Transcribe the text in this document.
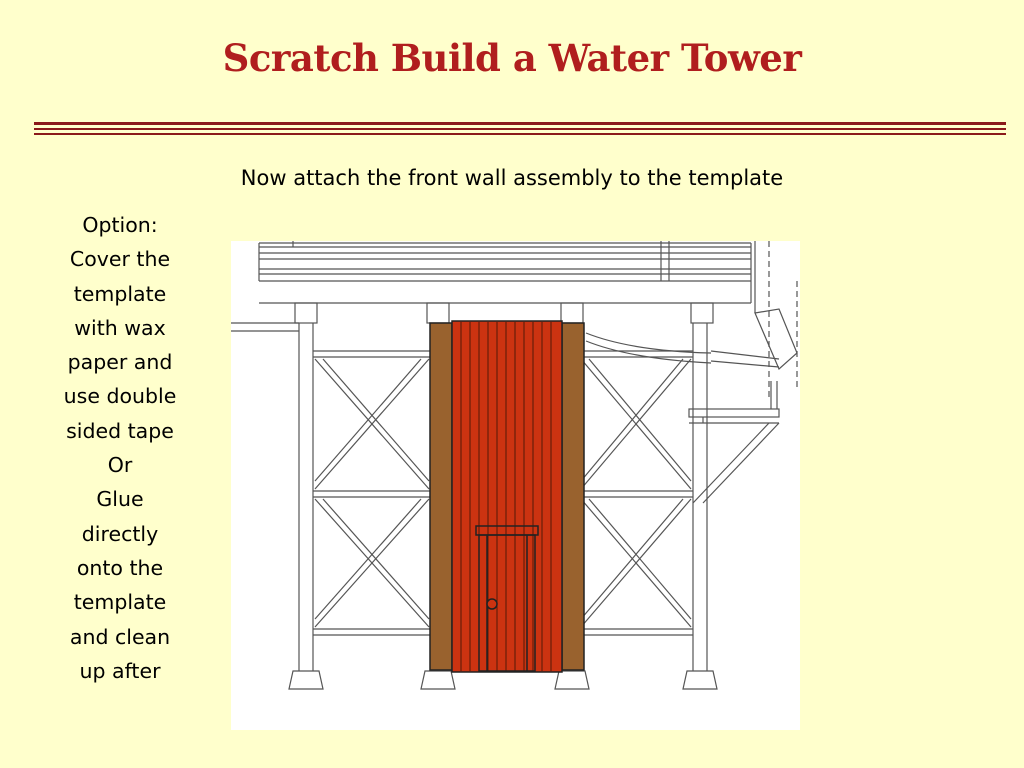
Scratch Build a Water Tower
Now attach the front wall assembly to the template
Option:
Cover the
template
with wax
paper and
use double
sided tape
Or
Glue
directly
onto the
template
and clean
up after
